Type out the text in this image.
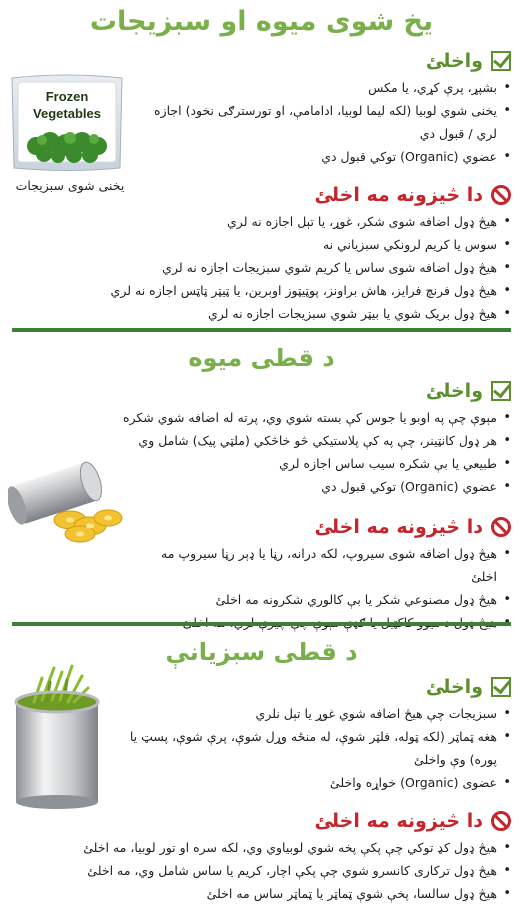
یخ شوی میوه او سبزیجات
Frozen
Vegetables
یخنی شوی سبزیجات
واخلئ
• بشپړ، پرې کړي، یا مکس
• یخنی شوي لوبیا (لکه لیما لوبیا، ادامامې، او تورسترګی نخود) اجازه لري / قبول دي
• عضوي (Organic) توکي قبول دي
دا څیزونه مه اخلئ
• هیڅ ډول اضافه شوی شکر، غوړ، یا تېل اجازه نه لري
• سوس یا کریم لرونکي سبزیاني نه
• هیڅ ډول اضافه شوی ساس یا کریم شوي سبزیجات اجازه نه لري
• هیڅ ډول فرنچ فرایز، هاش براونز، پوټیټوز اوبرین، یا ټیټر ټاټس اجازه نه لري
• هیڅ ډول بریک شوي یا بیټر شوي سبزیجات اجازه نه لري
د قطی میوه
واخلئ
• مېوې چې په اوبو یا جوس کې بسته شوي وي، پرته له اضافه شوي شکره
• هر ډول کانټینر، چې په کې پلاستیکي څو خاڅکي (ملټي پیک) شامل وي
• طبیعي یا بې شکره سیب ساس اجازه لري
• عضوي (Organic) توکي قبول دي
دا څیزونه مه اخلئ
• هیڅ ډول اضافه شوی سیروپ، لکه درانه، رڼا یا ډېر رڼا سیروپ مه اخلئ
• هیڅ ډول مصنوعي شکر یا بې کالوري شکرونه مه اخلئ
•
د قطی سبزیانې
واخلئ
• سبزیجات چې هیڅ اضافه شوي غوړ یا تېل نلري
• هغه ټماټر (لکه ټوله، فلټر شوې، له منځه وړل شوې، پرې شوې، پسټ یا پوره) وې واخلئ
• عضوی (Organic) خواړه واخلئ
دا څیزونه مه اخلئ
• هیڅ ډول کډ توکي چې پکې پخه شوي لوبیاوي وي، لکه سره او تور لوبیا، مه اخلئ
• هیڅ ډول ترکاری کانسرو شوي چې پکې اچار، کریم یا ساس شامل وي، مه اخلئ
• هیڅ ډول سالسا، پخې شوې ټماټر یا ټماټر ساس مه اخلئ
